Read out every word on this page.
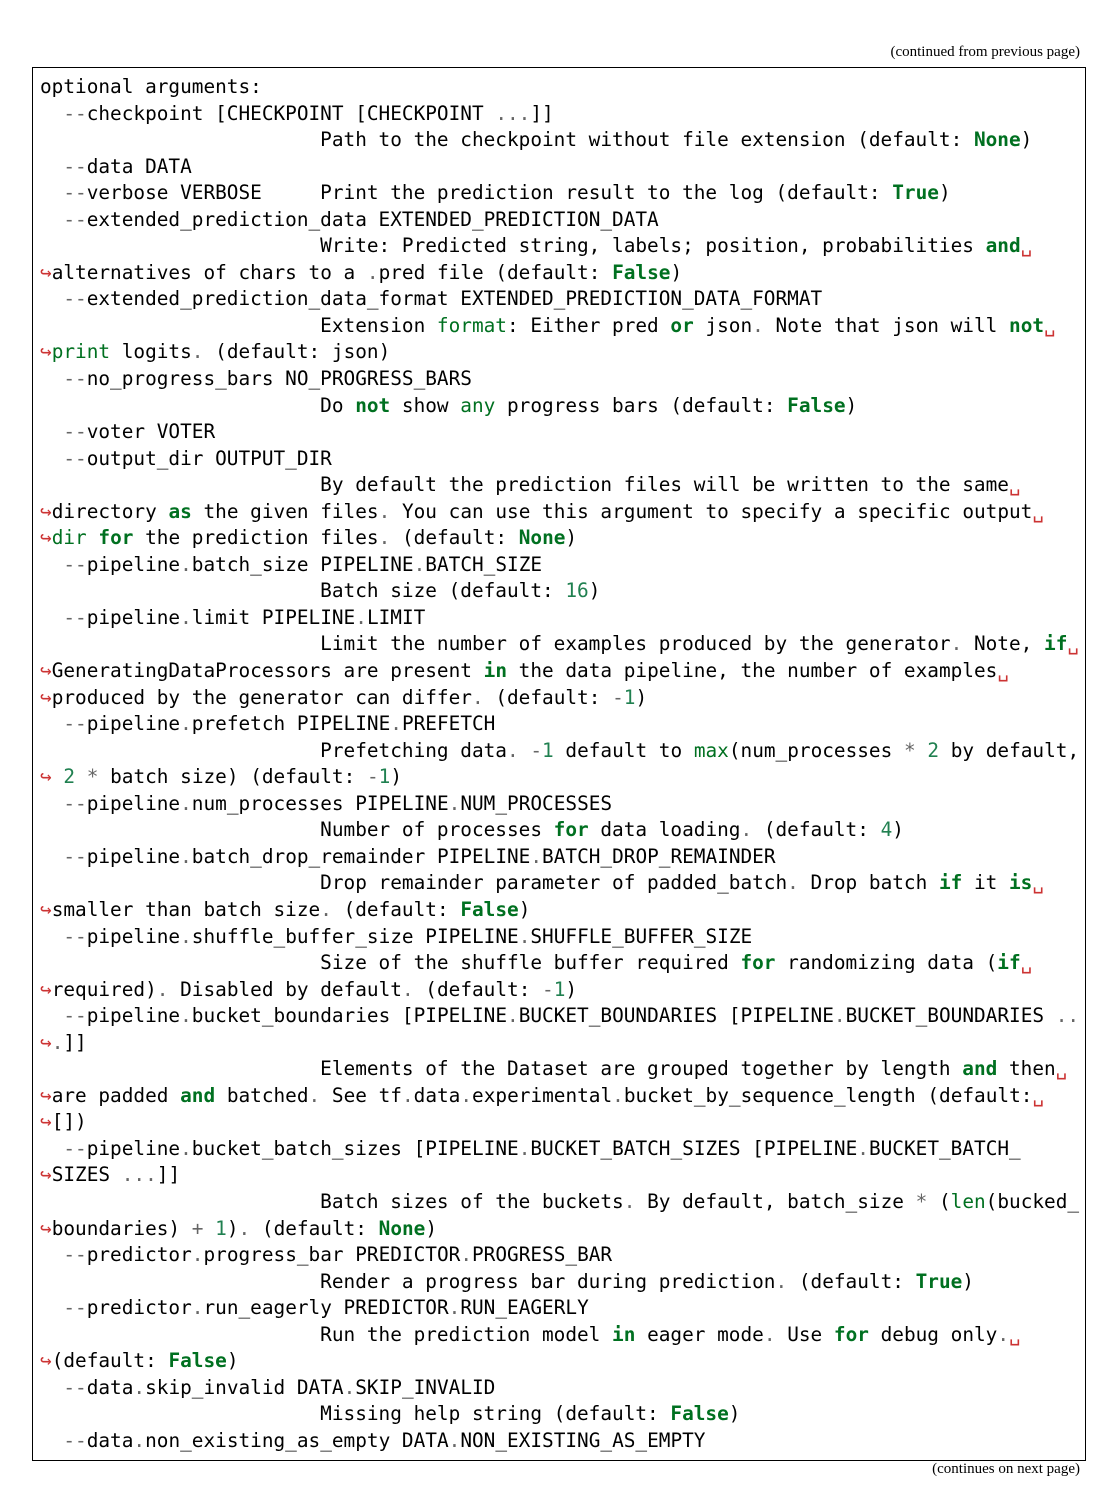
(continued from previous page)
optional arguments:
--checkpoint [CHECKPOINT [CHECKPOINT ...]]
Path to the checkpoint without file extension (default: None)
--data DATA
--verbose VERBOSE     Print the prediction result to the log (default: True)
--extended_prediction_data EXTENDED_PREDICTION_DATA
Write: Predicted string, labels; position, probabilities and␣
↪alternatives of chars to a .pred file (default: False)
--extended_prediction_data_format EXTENDED_PREDICTION_DATA_FORMAT
Extension format: Either pred or json. Note that json will not␣
↪print logits. (default: json)
--no_progress_bars NO_PROGRESS_BARS
Do not show any progress bars (default: False)
--voter VOTER
--output_dir OUTPUT_DIR
By default the prediction files will be written to the same␣
↪directory as the given files. You can use this argument to specify a specific output␣
↪dir for the prediction files. (default: None)
--pipeline.batch_size PIPELINE.BATCH_SIZE
Batch size (default: 16)
--pipeline.limit PIPELINE.LIMIT
Limit the number of examples produced by the generator. Note, if␣
↪GeneratingDataProcessors are present in the data pipeline, the number of examples␣
↪produced by the generator can differ. (default: -1)
--pipeline.prefetch PIPELINE.PREFETCH
Prefetching data. -1 default to max(num_processes * 2 by default,
↪ 2 * batch size) (default: -1)
--pipeline.num_processes PIPELINE.NUM_PROCESSES
Number of processes for data loading. (default: 4)
--pipeline.batch_drop_remainder PIPELINE.BATCH_DROP_REMAINDER
Drop remainder parameter of padded_batch. Drop batch if it is␣
↪smaller than batch size. (default: False)
--pipeline.shuffle_buffer_size PIPELINE.SHUFFLE_BUFFER_SIZE
Size of the shuffle buffer required for randomizing data (if␣
↪required). Disabled by default. (default: -1)
--pipeline.bucket_boundaries [PIPELINE.BUCKET_BOUNDARIES [PIPELINE.BUCKET_BOUNDARIES ..
↪.]]
Elements of the Dataset are grouped together by length and then␣
↪are padded and batched. See tf.data.experimental.bucket_by_sequence_length (default:␣
↪[])
--pipeline.bucket_batch_sizes [PIPELINE.BUCKET_BATCH_SIZES [PIPELINE.BUCKET_BATCH_
↪SIZES ...]]
Batch sizes of the buckets. By default, batch_size * (len(bucked_
↪boundaries) + 1). (default: None)
--predictor.progress_bar PREDICTOR.PROGRESS_BAR
Render a progress bar during prediction. (default: True)
--predictor.run_eagerly PREDICTOR.RUN_EAGERLY
Run the prediction model in eager mode. Use for debug only.␣
↪(default: False)
--data.skip_invalid DATA.SKIP_INVALID
Missing help string (default: False)
--data.non_existing_as_empty DATA.NON_EXISTING_AS_EMPTY
(continues on next page)
